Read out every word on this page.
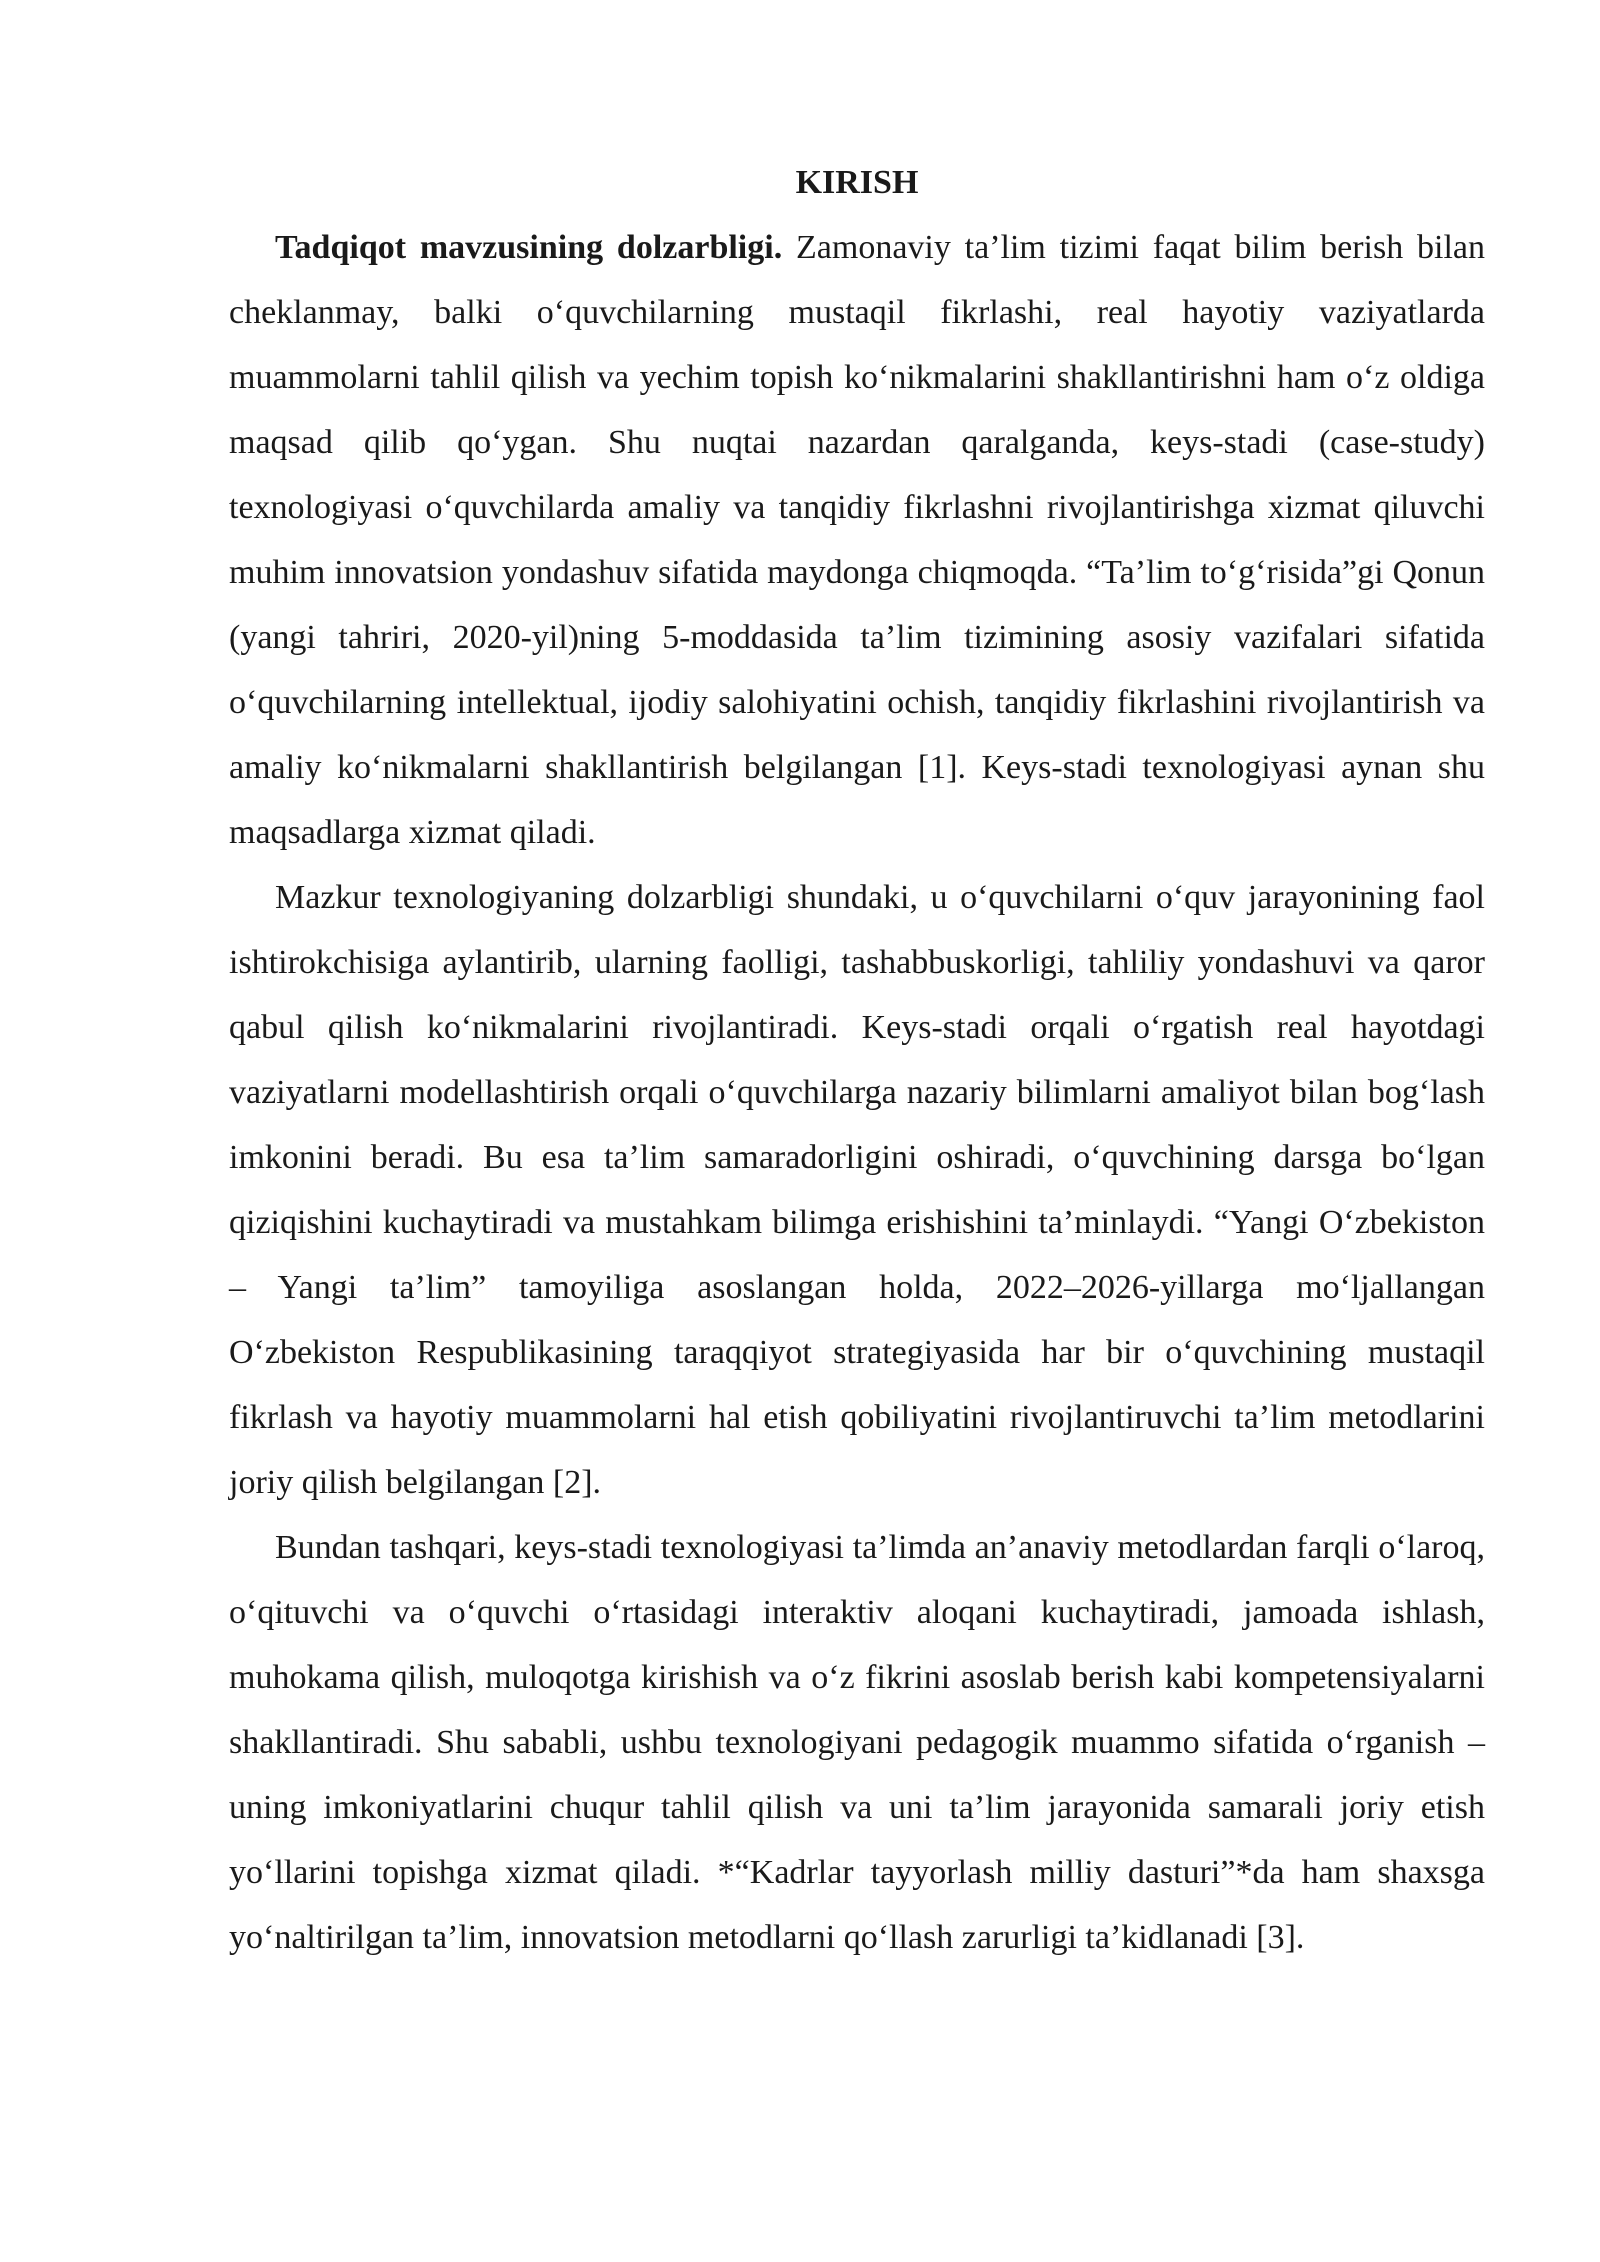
KIRISH

Tadqiqot mavzusining dolzarbligi. Zamonaviy ta’lim tizimi faqat bilim berish bilan cheklanmay, balki o‘quvchilarning mustaqil fikrlashi, real hayotiy vaziyatlarda muammolarni tahlil qilish va yechim topish ko‘nikmalarini shakllantirishni ham o‘z oldiga maqsad qilib qo‘ygan. Shu nuqtai nazardan qaralganda, keys-stadi (case-study) texnologiyasi o‘quvchilarda amaliy va tanqidiy fikrlashni rivojlantirishga xizmat qiluvchi muhim innovatsion yondashuv sifatida maydonga chiqmoqda. “Ta’lim to‘g‘risida”gi Qonun (yangi tahriri, 2020-yil)ning 5-moddasida ta’lim tizimining asosiy vazifalari sifatida o‘quvchilarning intellektual, ijodiy salohiyatini ochish, tanqidiy fikrlashini rivojlantirish va amaliy ko‘nikmalarni shakllantirish belgilangan [1]. Keys-stadi texnologiyasi aynan shu maqsadlarga xizmat qiladi.

Mazkur texnologiyaning dolzarbligi shundaki, u o‘quvchilarni o‘quv jarayonining faol ishtirokchisiga aylantirib, ularning faolligi, tashabbuskorligi, tahliliy yondashuvi va qaror qabul qilish ko‘nikmalarini rivojlantiradi. Keys-stadi orqali o‘rgatish real hayotdagi vaziyatlarni modellashtirish orqali o‘quvchilarga nazariy bilimlarni amaliyot bilan bog‘lash imkonini beradi. Bu esa ta’lim samaradorligini oshiradi, o‘quvchining darsga bo‘lgan qiziqishini kuchaytiradi va mustahkam bilimga erishishini ta’minlaydi. “Yangi O‘zbekiston – Yangi ta’lim” tamoyiliga asoslangan holda, 2022–2026-yillarga mo‘ljallangan O‘zbekiston Respublikasining taraqqiyot strategiyasida har bir o‘quvchining mustaqil fikrlash va hayotiy muammolarni hal etish qobiliyatini rivojlantiruvchi ta’lim metodlarini joriy qilish belgilangan [2].

Bundan tashqari, keys-stadi texnologiyasi ta’limda an’anaviy metodlardan farqli o‘laroq, o‘qituvchi va o‘quvchi o‘rtasidagi interaktiv aloqani kuchaytiradi, jamoada ishlash, muhokama qilish, muloqotga kirishish va o‘z fikrini asoslab berish kabi kompetensiyalarni shakllantiradi. Shu sababli, ushbu texnologiyani pedagogik muammo sifatida o‘rganish – uning imkoniyatlarini chuqur tahlil qilish va uni ta’lim jarayonida samarali joriy etish yo‘llarini topishga xizmat qiladi. *“Kadrlar tayyorlash milliy dasturi”*da ham shaxsga yo‘naltirilgan ta’lim, innovatsion metodlarni qo‘llash zarurligi ta’kidlanadi [3].
